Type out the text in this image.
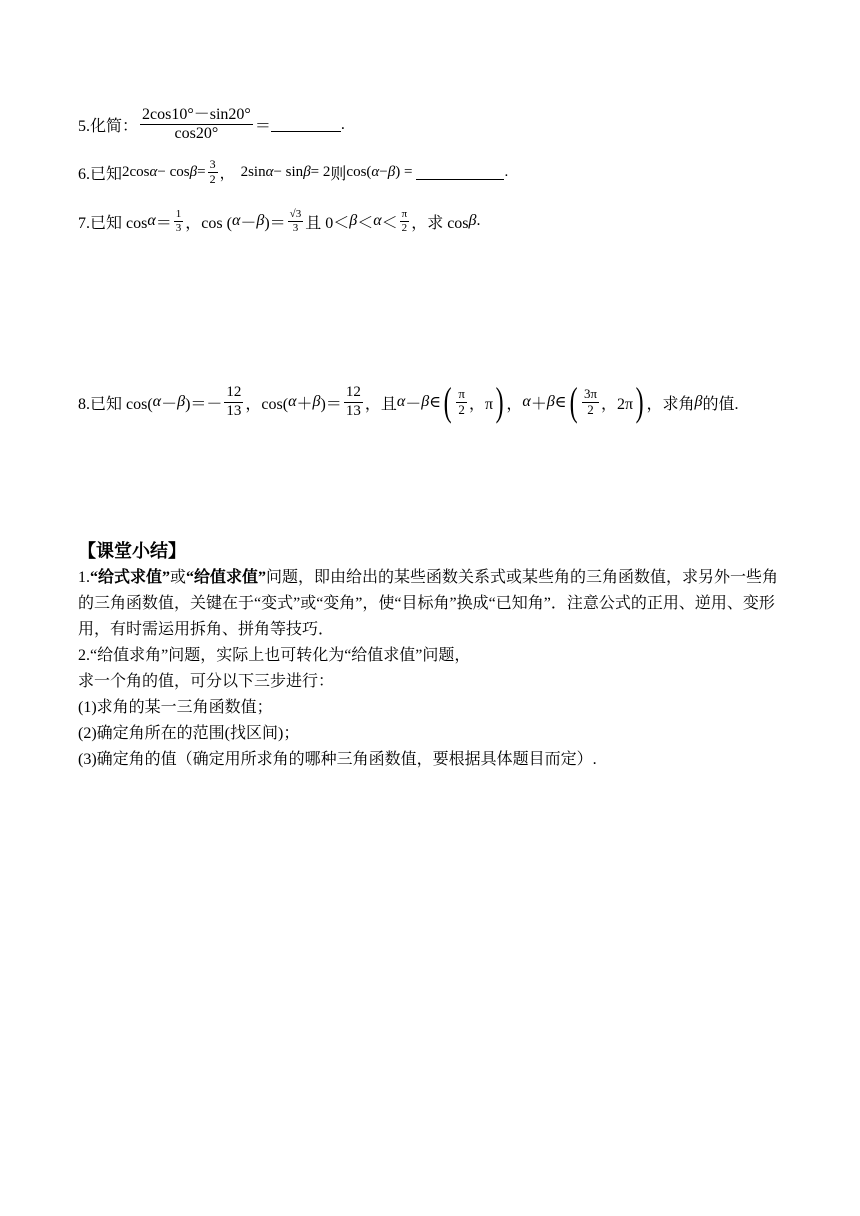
5.化简： $\frac{2\cos 10^\circ-\sin 20^\circ}{\cos 20^\circ}$ ＝	.
6.已知 2cos $\alpha - \cos \beta = \frac{3}{2}$ ， 2sin α − sin β = 2 则 cos( α − β ) =	.
7.已知 $\cos \alpha = \frac{1}{3}$ ，cos ( α － β )＝ $\frac{√3}{3}$ 且 $0< \beta < \alpha < \frac{\pi}{2}$ ，求 cos β .
8.已知 cos( α － β )＝－ $\frac{12}{13}$ ，cos( α ＋ β )＝ $\frac{12}{13}$ ，且 α － β ∈ ( $\frac{\pi}{2}$ ，π ) ， α ＋ β ∈ ( $\frac{3\pi}{2}$ ，2π ) ，求角 β 的值.
【课堂小结】
1.“给式求值”或“给值求值”问题，即由给出的某些函数关系式或某些角的三角函数值，求另外一些角的三角函数值，关键在于“变式”或“变角”，使“目标角”换成“已知角”．注意公式的正用、逆用、变形用，有时需运用拆角、拼角等技巧．
2.“给值求角”问题，实际上也可转化为“给值求值”问题，
求一个角的值，可分以下三步进行：
(1)求角的某一三角函数值；
(2)确定角所在的范围(找区间)；
(3)确定角的值（确定用所求角的哪种三角函数值，要根据具体题目而定）.
